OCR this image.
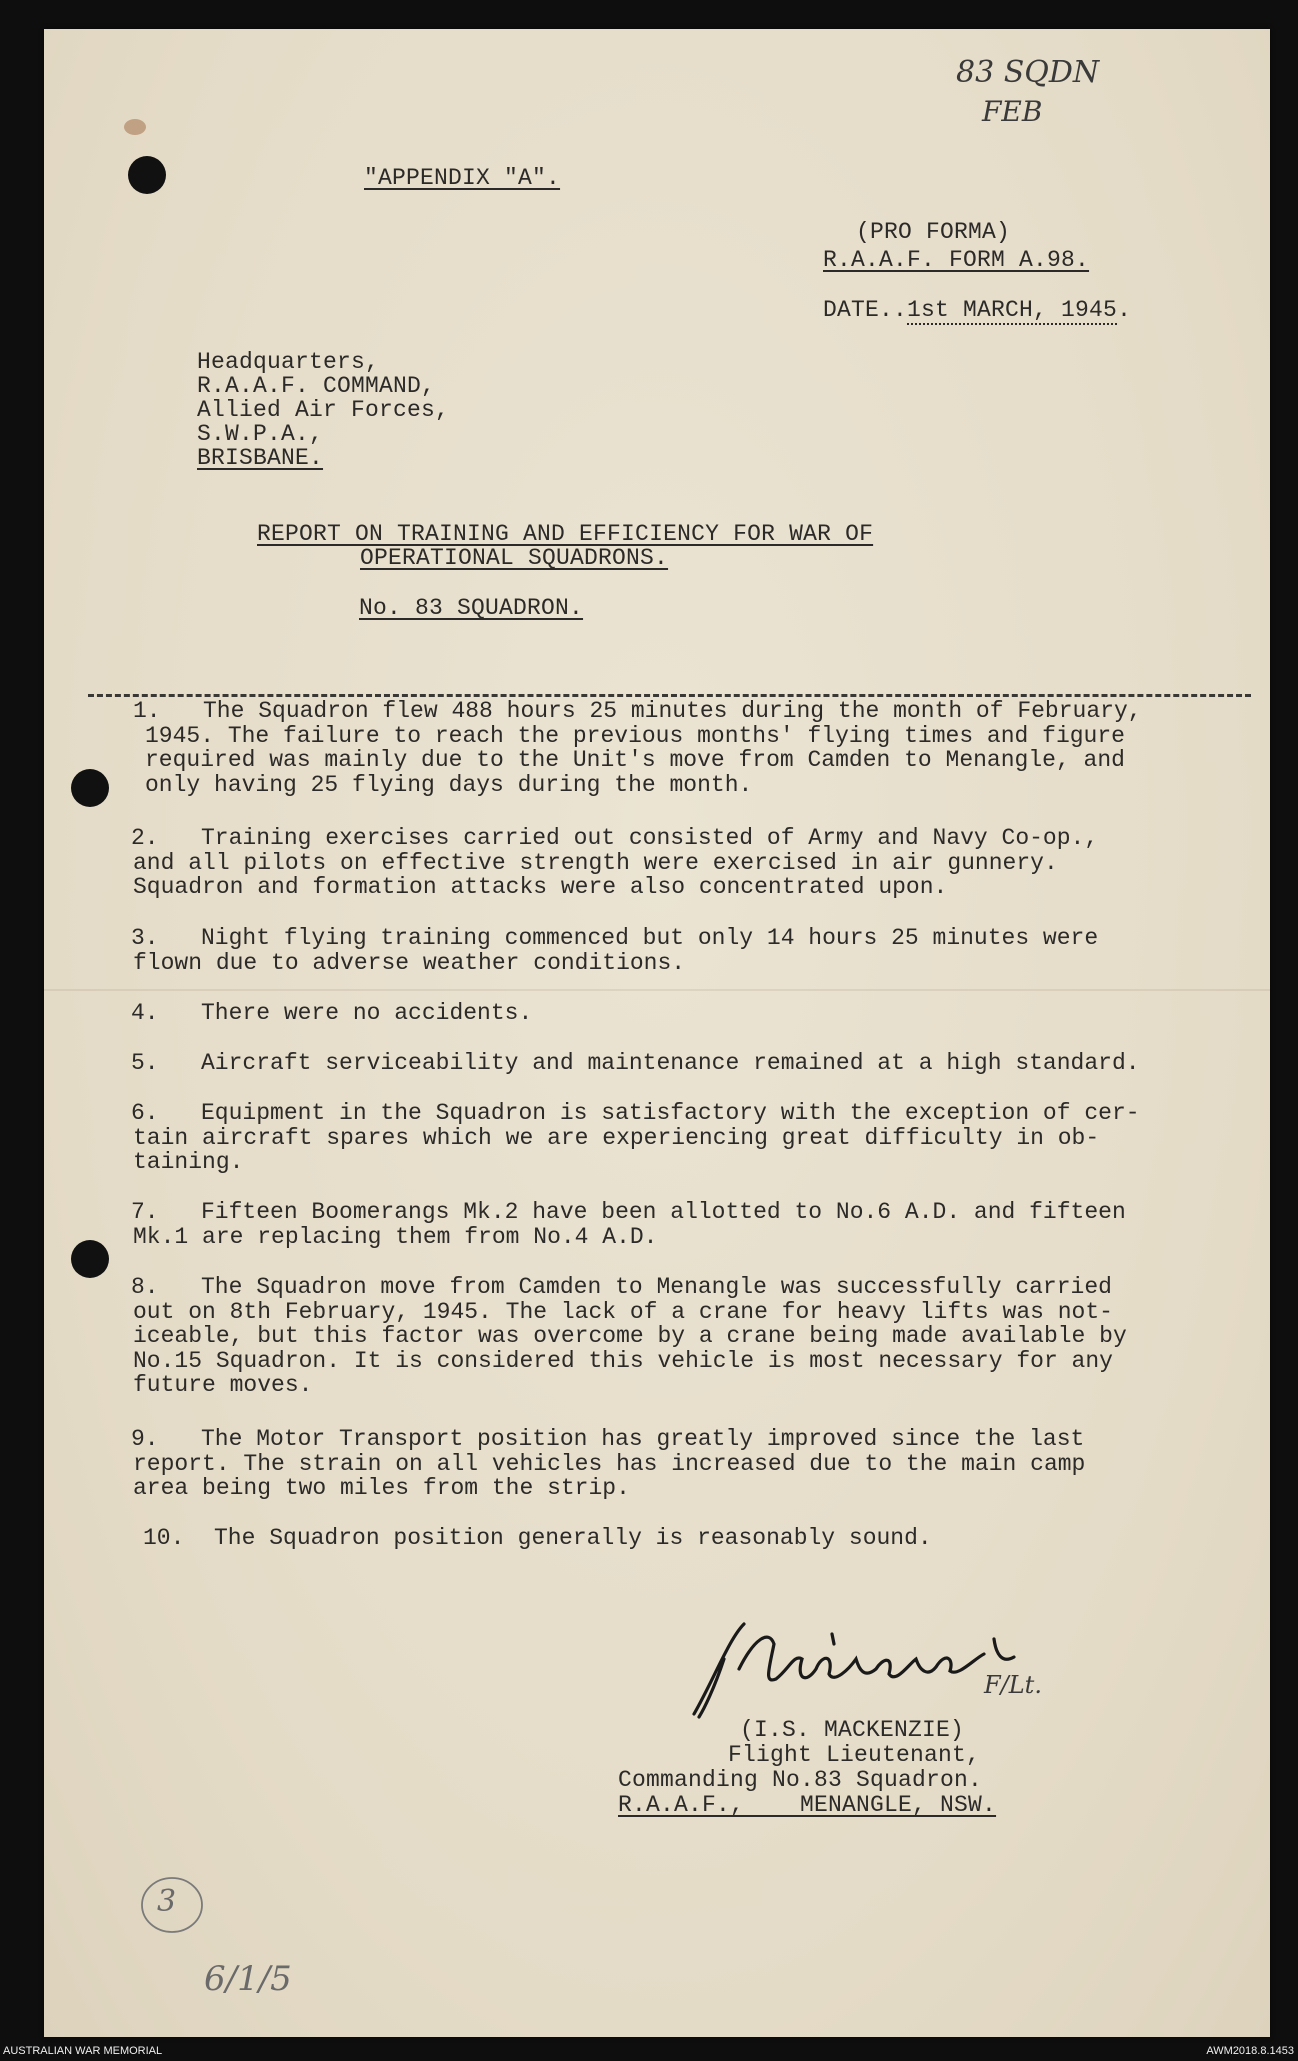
83 SQDN
FEB
"APPENDIX "A".
(PRO FORMA)
R.A.A.F. FORM A.98.
DATE..1st MARCH, 1945.
Headquarters,
R.A.A.F. COMMAND,
Allied Air Forces,
S.W.P.A.,
BRISBANE.
REPORT ON TRAINING AND EFFICIENCY FOR WAR OF
OPERATIONAL SQUADRONS.
No. 83 SQUADRON.
1. The Squadron flew 488 hours 25 minutes during the month of February,
1945. The failure to reach the previous months' flying times and figure
required was mainly due to the Unit's move from Camden to Menangle, and
only having 25 flying days during the month.
2. Training exercises carried out consisted of Army and Navy Co-op.,
and all pilots on effective strength were exercised in air gunnery.
Squadron and formation attacks were also concentrated upon.
3. Night flying training commenced but only 14 hours 25 minutes were
flown due to adverse weather conditions.
4. There were no accidents.
5. Aircraft serviceability and maintenance remained at a high standard.
6. Equipment in the Squadron is satisfactory with the exception of cer-
tain aircraft spares which we are experiencing great difficulty in ob-
taining.
7. Fifteen Boomerangs Mk.2 have been allotted to No.6 A.D. and fifteen
Mk.1 are replacing them from No.4 A.D.
8. The Squadron move from Camden to Menangle was successfully carried
out on 8th February, 1945. The lack of a crane for heavy lifts was not-
iceable, but this factor was overcome by a crane being made available by
No.15 Squadron. It is considered this vehicle is most necessary for any
future moves.
9. The Motor Transport position has greatly improved since the last
report. The strain on all vehicles has increased due to the main camp
area being two miles from the strip.
10. The Squadron position generally is reasonably sound.
F/Lt.
(I.S. MACKENZIE)
Flight Lieutenant,
Commanding No.83 Squadron.
R.A.A.F.,    MENANGLE, NSW.
3
6/1/5
AUSTRALIAN WAR MEMORIAL	AWM2018.8.1453
